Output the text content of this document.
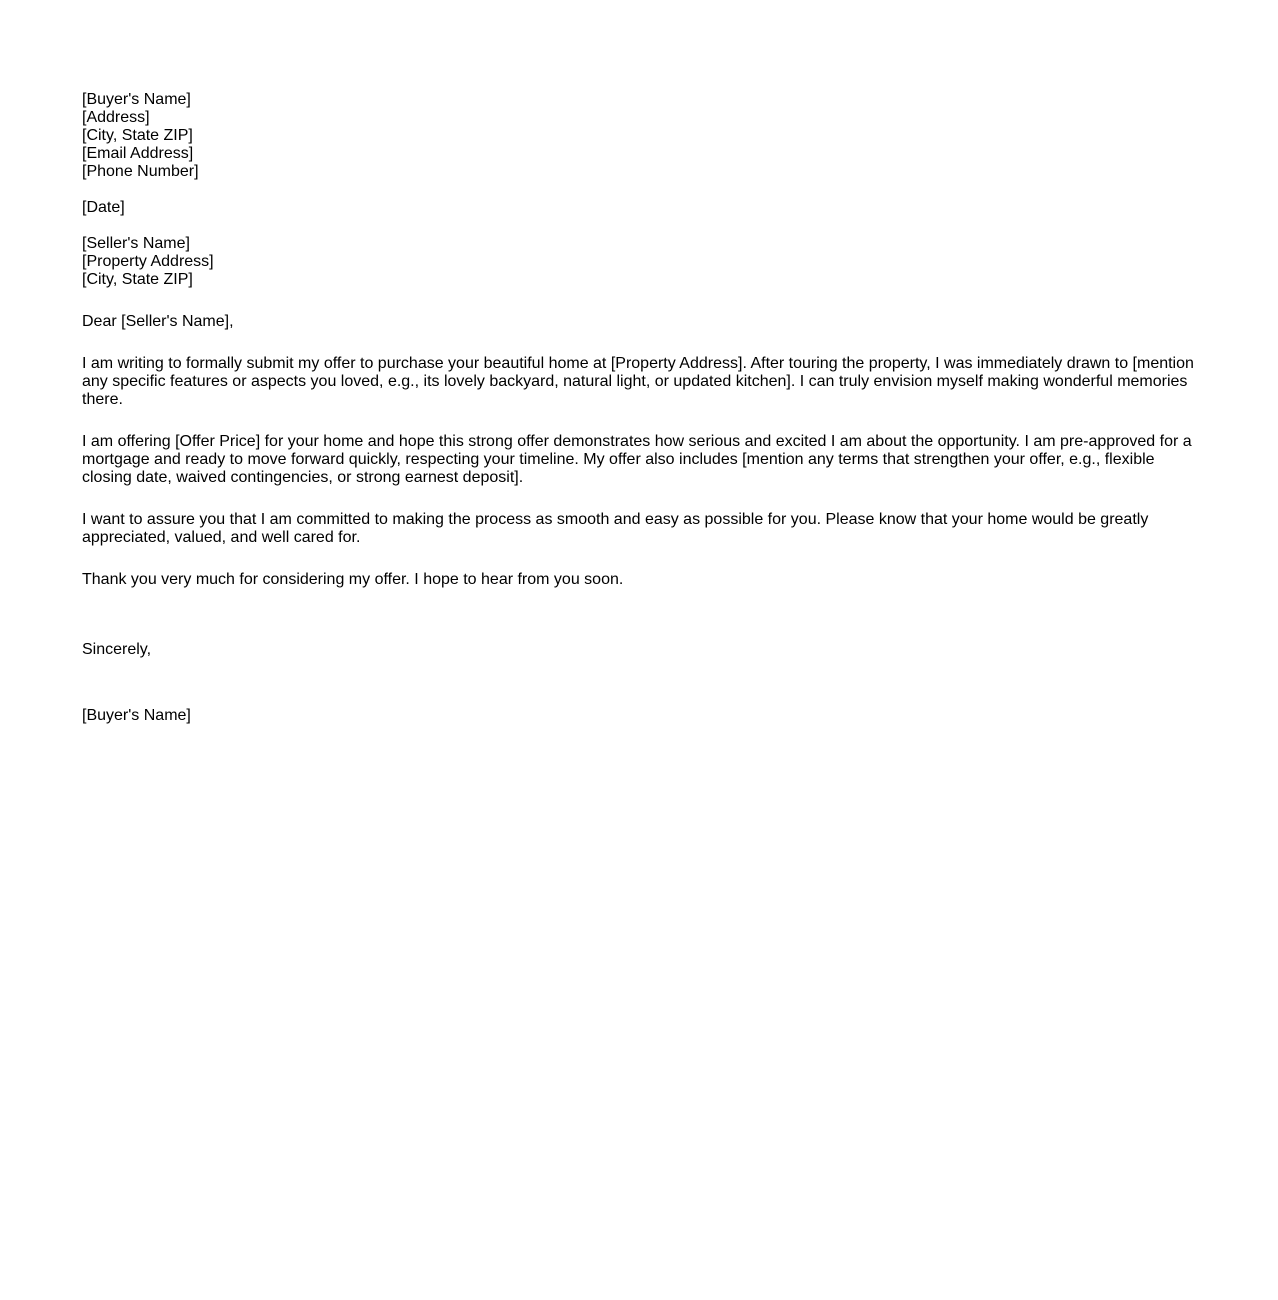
[Buyer's Name]
[Address]
[City, State ZIP]
[Email Address]
[Phone Number]
[Date]
[Seller's Name]
[Property Address]
[City, State ZIP]

Dear [Seller's Name],

I am writing to formally submit my offer to purchase your beautiful home at [Property Address]. After touring the property, I was immediately drawn to [mention any specific features or aspects you loved, e.g., its lovely backyard, natural light, or updated kitchen]. I can truly envision myself making wonderful memories there.

I am offering [Offer Price] for your home and hope this strong offer demonstrates how serious and excited I am about the opportunity. I am pre-approved for a mortgage and ready to move forward quickly, respecting your timeline. My offer also includes [mention any terms that strengthen your offer, e.g., flexible closing date, waived contingencies, or strong earnest deposit].

I want to assure you that I am committed to making the process as smooth and easy as possible for you. Please know that your home would be greatly appreciated, valued, and well cared for.

Thank you very much for considering my offer. I hope to hear from you soon.

Sincerely,

[Buyer's Name]
